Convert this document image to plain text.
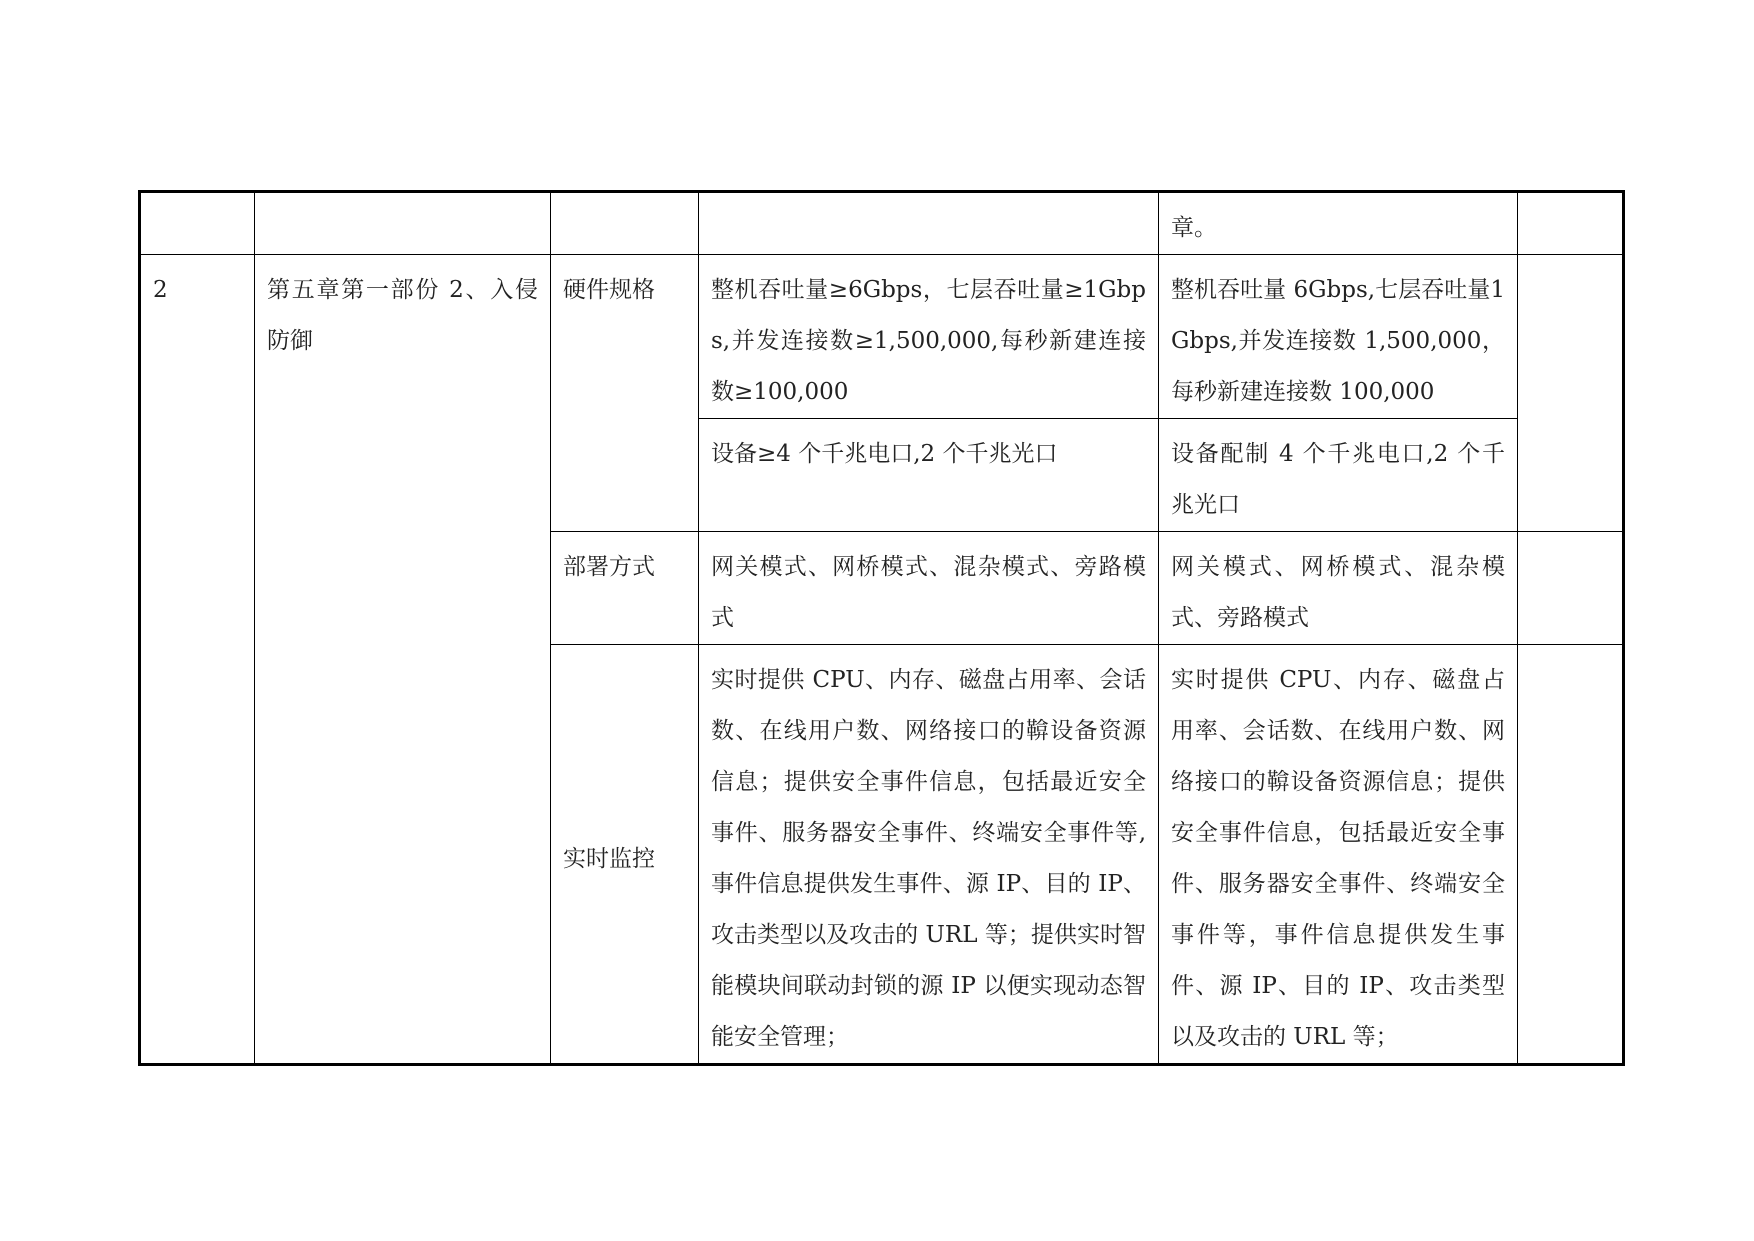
				章。	

2	第五章第一部份 2、入侵防御	硬件规格	整机吞吐量≥6Gbps，七层吞吐量≥1Gbps,并发连接数≥1,500,000,每秒新建连接数≥100,000	整机吞吐量 6Gbps,七层吞吐量1Gbps,并发连接数 1,500,000，每秒新建连接数 100,000	

			设备≥4 个千兆电口,2 个千兆光口	设备配制 4 个千兆电口,2 个千兆光口	

		部署方式	网关模式、网桥模式、混杂模式、旁路模式	网关模式、网桥模式、混杂模式、旁路模式	

		实时监控	实时提供 CPU、内存、磁盘占用率、会话数、在线用户数、网络接口的鞥设备资源信息；提供安全事件信息，包括最近安全事件、服务器安全事件、终端安全事件等,事件信息提供发生事件、源 IP、目的 IP、攻击类型以及攻击的 URL 等；提供实时智能模块间联动封锁的源 IP 以便实现动态智能安全管理；	实时提供 CPU、内存、磁盘占用率、会话数、在线用户数、网络接口的鞥设备资源信息；提供安全事件信息，包括最近安全事件、服务器安全事件、终端安全事件等，事件信息提供发生事件、源 IP、目的 IP、攻击类型以及攻击的 URL 等；	
